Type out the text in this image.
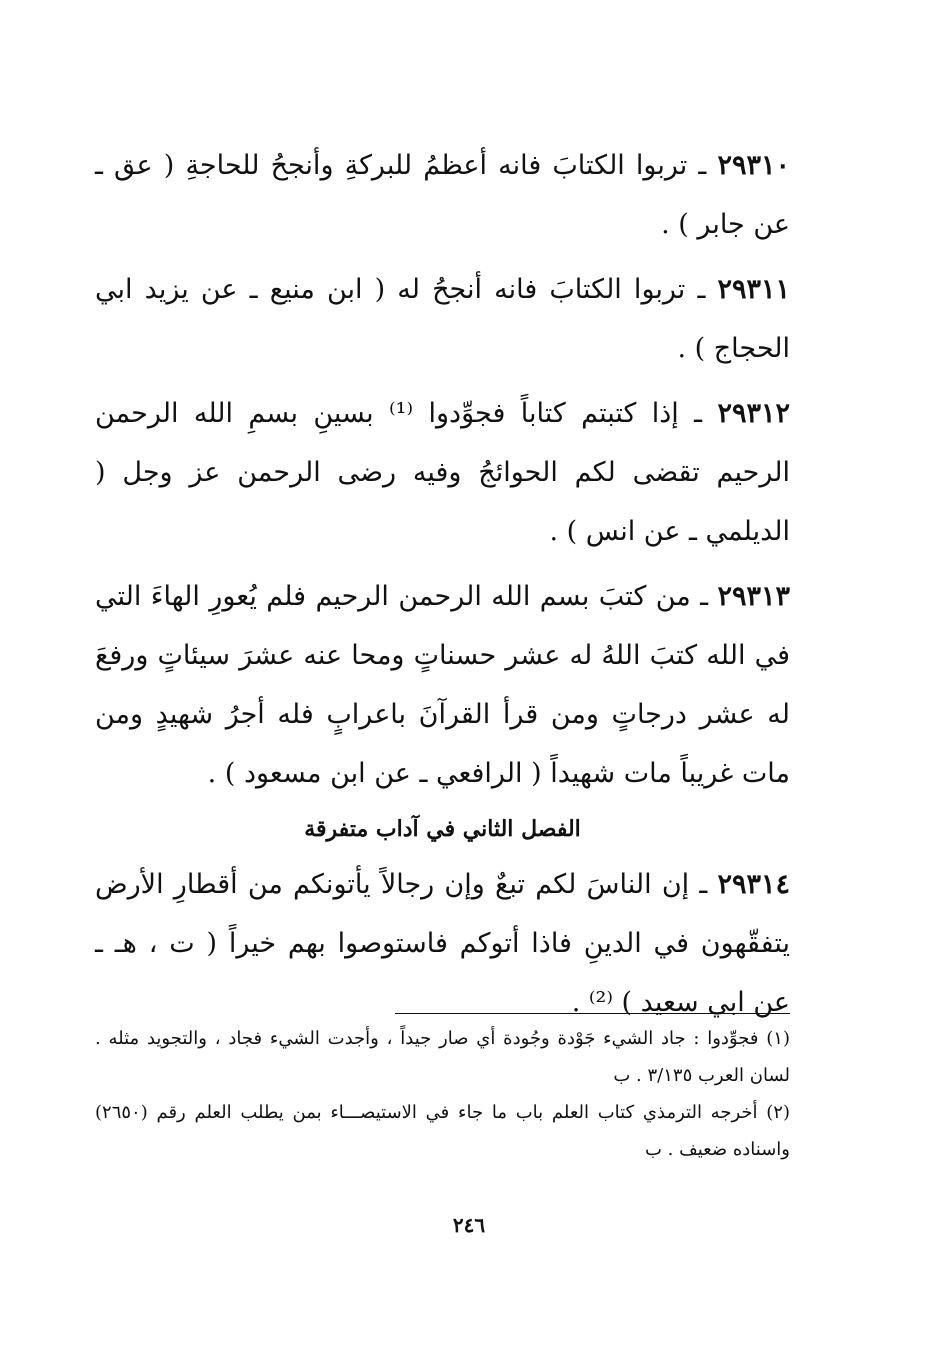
٢٩٣١٠ ـ تربوا الكتابَ فانه أعظمُ للبركةِ وأنجحُ للحاجةِ ( عق ـ عن جابر ) .

٢٩٣١١ ـ تربوا الكتابَ فانه أنجحُ له ( ابن منيع ـ عن يزيد ابي الحجاج ) .

٢٩٣١٢ ـ إذا كتبتم كتاباً فجوِّدوا ⁽¹⁾ بسينِ بسمِ الله الرحمن الرحيم تقضى لكم الحوائجُ وفيه رضى الرحمن عز وجل ( الديلمي ـ عن انس ) .

٢٩٣١٣ ـ من كتبَ بسم الله الرحمن الرحيم فلم يُعورِ الهاءَ التي في الله كتبَ اللهُ له عشر حسناتٍ ومحا عنه عشرَ سيئاتٍ ورفعَ له عشر درجاتٍ ومن قرأ القرآنَ باعرابٍ فله أجرُ شهيدٍ ومن مات غريباً مات شهيداً ( الرافعي ـ عن ابن مسعود ) .

الفصل الثاني في آداب متفرقة

٢٩٣١٤ ـ إن الناسَ لكم تبعٌ وإن رجالاً يأتونكم من أقطارِ الأرض يتفقّهون في الدينِ فاذا أتوكم فاستوصوا بهم خيراً ( ت ، هـ ـ عن ابي سعيد ) ⁽²⁾ .

(١) فجوِّدوا : جاد الشيء جَوْدة وجُودة أي صار جيداً ، وأجدت الشيء فجاد ، والتجويد مثله . لسان العرب ٣/١٣٥ . ب

(٢) أخرجه الترمذي كتاب العلم باب ما جاء في الاستيصـــاء بمن يطلب العلم رقم (٢٦٥٠) واسناده ضعيف . ب

٢٤٦
